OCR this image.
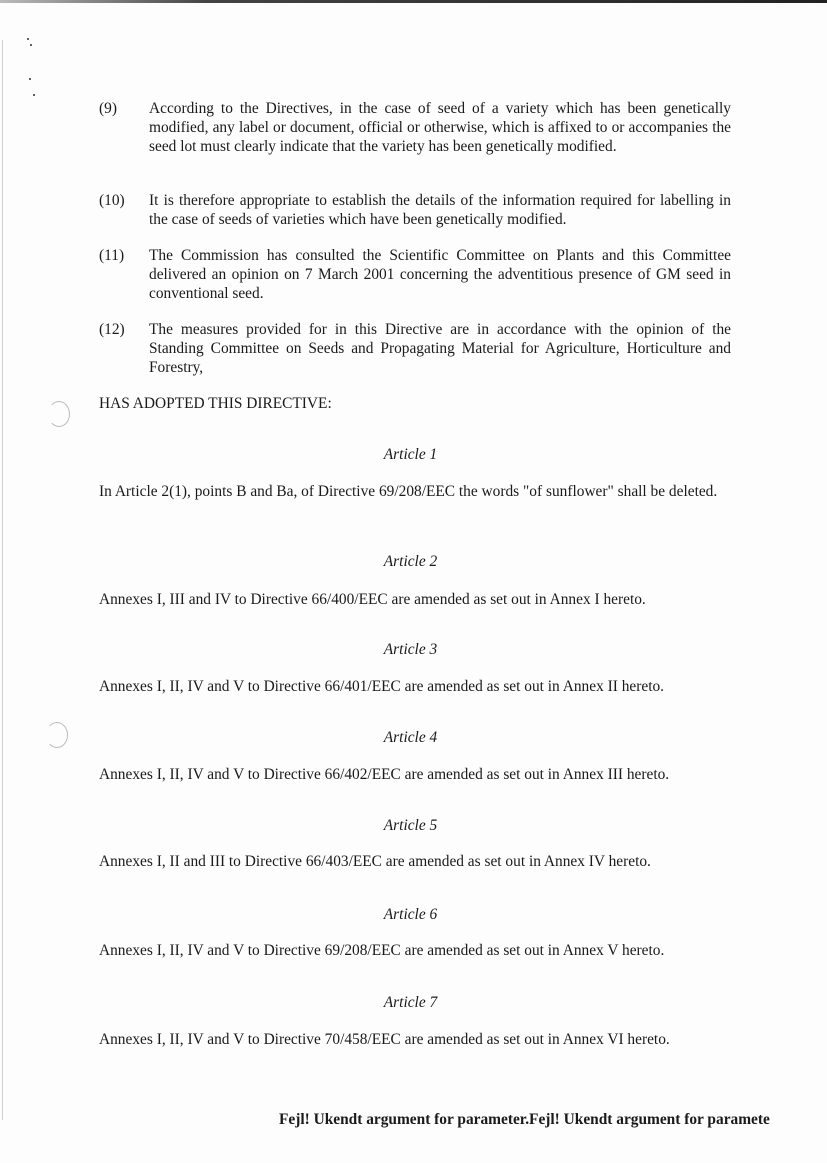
(9) According to the Directives, in the case of seed of a variety which has been genetically modified, any label or document, official or otherwise, which is affixed to or accompanies the seed lot must clearly indicate that the variety has been genetically modified.
(10) It is therefore appropriate to establish the details of the information required for labelling in the case of seeds of varieties which have been genetically modified.
(11) The Commission has consulted the Scientific Committee on Plants and this Committee delivered an opinion on 7 March 2001 concerning the adventitious presence of GM seed in conventional seed.
(12) The measures provided for in this Directive are in accordance with the opinion of the Standing Committee on Seeds and Propagating Material for Agriculture, Horticulture and Forestry,
HAS ADOPTED THIS DIRECTIVE:
Article 1
In Article 2(1), points B and Ba, of Directive 69/208/EEC the words "of sunflower" shall be deleted.
Article 2
Annexes I, III and IV to Directive 66/400/EEC are amended as set out in Annex I hereto.
Article 3
Annexes I, II, IV and V to Directive 66/401/EEC are amended as set out in Annex II hereto.
Article 4
Annexes I, II, IV and V to Directive 66/402/EEC are amended as set out in Annex III hereto.
Article 5
Annexes I, II and III to Directive 66/403/EEC are amended as set out in Annex IV hereto.
Article 6
Annexes I, II, IV and V to Directive 69/208/EEC are amended as set out in Annex V hereto.
Article 7
Annexes I, II, IV and V to Directive 70/458/EEC are amended as set out in Annex VI hereto.
Fejl! Ukendt argument for parameter.Fejl! Ukendt argument for paramete
